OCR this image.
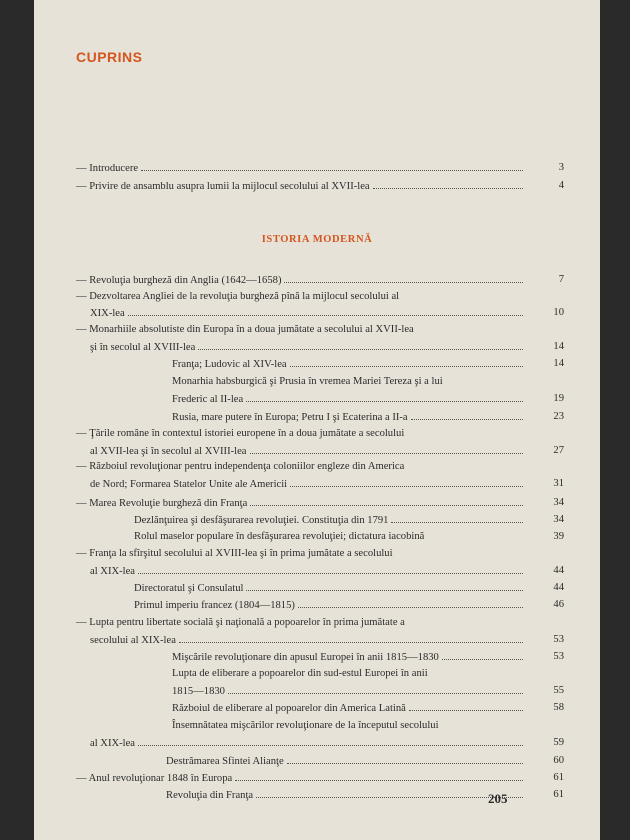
CUPRINS
ISTORIA MODERNĂ
— Introducere	3
— Privire de ansamblu asupra lumii la mijlocul secolului al XVII-lea	4
— Revoluţia burgheză din Anglia (1642—1658)	7
— Dezvoltarea Angliei de la revoluţia burgheză pînă la mijlocul secolului al
XIX-lea	10
— Monarhiile absolutiste din Europa în a doua jumătate a secolului al XVII-lea
şi în secolul al XVIII-lea	14
Franţa; Ludovic al XIV-lea	14
Monarhia habsburgică şi Prusia în vremea Mariei Tereza şi a lui
Frederic al II-lea	19
Rusia, mare putere în Europa; Petru I şi Ecaterina a II-a	23
— Ţările române în contextul istoriei europene în a doua jumătate a secolului
al XVII-lea şi în secolul al XVIII-lea	27
— Războiul revoluţionar pentru independenţa coloniilor engleze din America
de Nord; Formarea Statelor Unite ale Americii	31
— Marea Revoluţie burgheză din Franţa	34
Dezlănţuirea şi desfăşurarea revoluţiei. Constituţia din 1791	34
Rolul maselor populare în desfăşurarea revoluţiei; dictatura iacobină	39
— Franţa la sfîrşitul secolului al XVIII-lea şi în prima jumătate a secolului
al XIX-lea	44
Directoratul şi Consulatul	44
Primul imperiu francez (1804—1815)	46
— Lupta pentru libertate socială şi naţională a popoarelor în prima jumătate a
secolului al XIX-lea	53
Mişcările revoluţionare din apusul Europei în anii 1815—1830	53
Lupta de eliberare a popoarelor din sud-estul Europei în anii
1815—1830	55
Războiul de eliberare al popoarelor din America Latină	58
Însemnătatea mişcărilor revoluţionare de la începutul secolului
al XIX-lea	59
Destrămarea Sfintei Alianţe	60
— Anul revoluţionar 1848 în Europa	61
Revoluţia din Franţa	61
205
